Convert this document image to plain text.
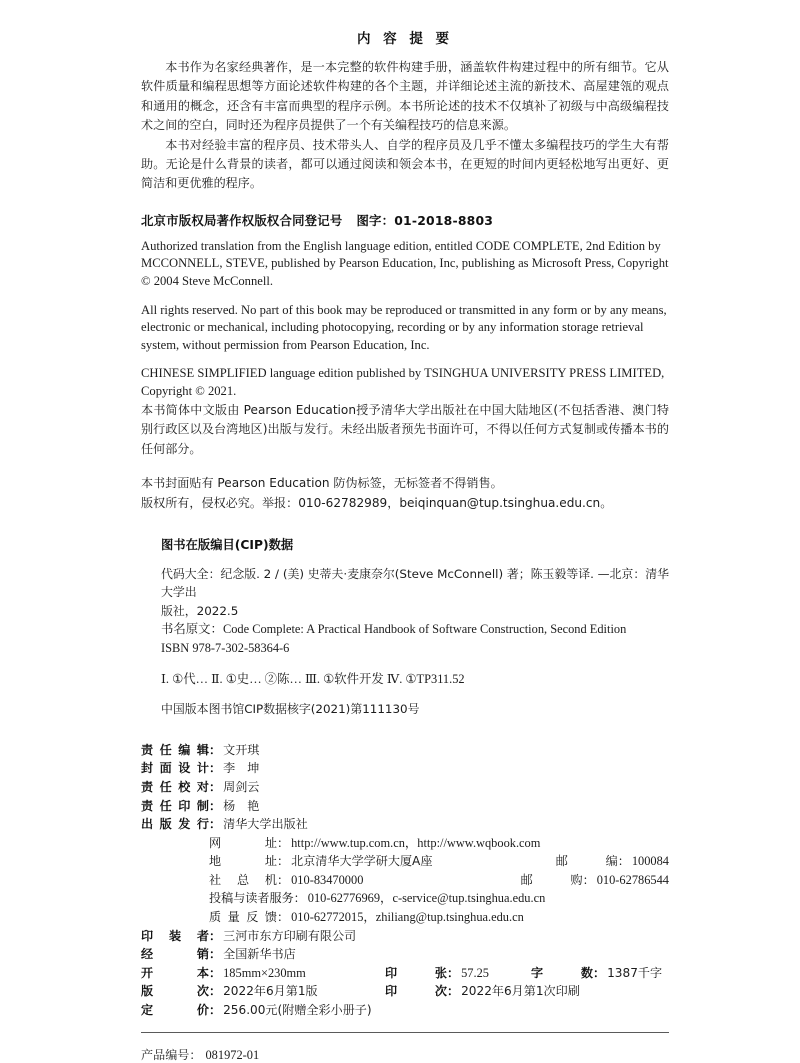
内 容 提 要

本书作为名家经典著作，是一本完整的软件构建手册，涵盖软件构建过程中的所有细节。它从软件质量和编程思想等方面论述软件构建的各个主题，并详细论述主流的新技术、高屋建瓴的观点和通用的概念，还含有丰富而典型的程序示例。本书所论述的技术不仅填补了初级与中高级编程技术之间的空白，同时还为程序员提供了一个有关编程技巧的信息来源。

本书对经验丰富的程序员、技术带头人、自学的程序员及几乎不懂太多编程技巧的学生大有帮助。无论是什么背景的读者，都可以通过阅读和领会本书，在更短的时间内更轻松地写出更好、更简洁和更优雅的程序。

北京市版权局著作权版权合同登记号 图字：01-2018-8803

Authorized translation from the English language edition, entitled CODE COMPLETE, 2nd Edition by MCCONNELL, STEVE, published by Pearson Education, Inc, publishing as Microsoft Press, Copyright © 2004 Steve McConnell.

All rights reserved. No part of this book may be reproduced or transmitted in any form or by any means, electronic or mechanical, including photocopying, recording or by any information storage retrieval system, without permission from Pearson Education, Inc.

CHINESE SIMPLIFIED language edition published by TSINGHUA UNIVERSITY PRESS LIMITED, Copyright © 2021.

本书简体中文版由 Pearson Education授予清华大学出版社在中国大陆地区(不包括香港、澳门特别行政区以及台湾地区)出版与发行。未经出版者预先书面许可，不得以任何方式复制或传播本书的任何部分。

本书封面贴有 Pearson Education 防伪标签，无标签者不得销售。

版权所有，侵权必究。举报：010-62782989，beiqinquan@tup.tsinghua.edu.cn。

图书在版编目(CIP)数据
代码大全：纪念版. 2 / (美) 史蒂夫·麦康奈尔(Steve McConnell) 著；陈玉毅等译. —北京：清华大学出
版社，2022.5
书名原文：Code Complete: A Practical Handbook of Software Construction, Second Edition
ISBN 978-7-302-58364-6
Ⅰ. ①代… Ⅱ. ①史… ②陈… Ⅲ. ①软件开发 Ⅳ. ①TP311.52
中国版本图书馆CIP数据核字(2021)第111130号
责任编辑 ： 文开琪
封面设计 ： 李　坤
责任校对 ： 周剑云
责任印制 ： 杨　艳
出版发行 ： 清华大学出版社
网　址 ： http://www.tup.com.cn，http://www.wqbook.com
地　址 ： 北京清华大学学研大厦A座	邮　编 ： 100084
社 总 机 ： 010-83470000	邮　购 ： 010-62786544
投稿与读者服务 ： 010-62776969，c-service@tup.tsinghua.edu.cn
质量反馈 ： 010-62772015，zhiliang@tup.tsinghua.edu.cn
印 装 者 ： 三河市东方印刷有限公司
经　销 ： 全国新华书店
开　本 ： 185mm×230mm	印　张 ： 57.25	字　数 ： 1387千字
版　次 ： 2022年6月第1版	印　次 ： 2022年6月第1次印刷
定　价 ： 256.00元(附赠全彩小册子)
产品编号： 081972-01
